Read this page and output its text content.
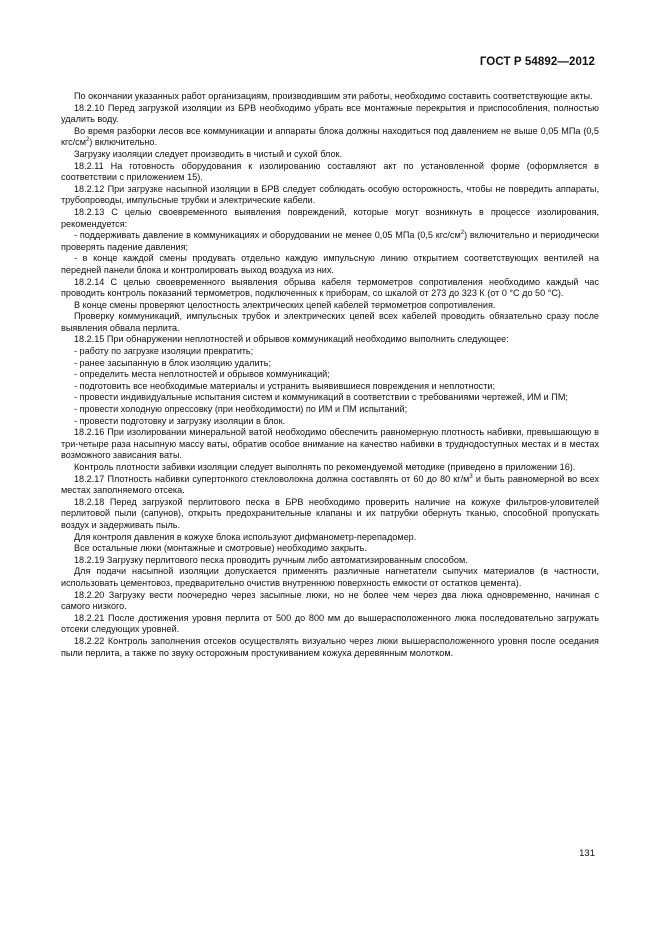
ГОСТ Р 54892—2012

По окончании указанных работ организациям, производившим эти работы, необходимо составить соответствующие акты.

18.2.10 Перед загрузкой изоляции из БРВ необходимо убрать все монтажные перекрытия и приспособления, полностью удалить воду.

Во время разборки лесов все коммуникации и аппараты блока должны находиться под давлением не выше 0,05 МПа (0,5 кгс/$см^2$) включительно.

Загрузку изоляции следует производить в чистый и сухой блок.

18.2.11 На готовность оборудования к изолированию составляют акт по установленной форме (оформляется в соответствии с приложением 15).

18.2.12 При загрузке насыпной изоляции в БРВ следует соблюдать особую осторожность, чтобы не повредить аппараты, трубопроводы, импульсные трубки и электрические кабели.

18.2.13 С целью своевременного выявления повреждений, которые могут возникнуть в процессе изолирования, рекомендуется:

- поддерживать давление в коммуникациях и оборудовании не менее 0,05 МПа (0,5 кгс/$см^2$) включительно и периодически проверять падение давления;

- в конце каждой смены продувать отдельно каждую импульсную линию открытием соответствующих вентилей на передней панели блока и контролировать выход воздуха из них.

18.2.14 С целью своевременного выявления обрыва кабеля термометров сопротивления необходимо каждый час проводить контроль показаний термометров, подключенных к приборам, со шкалой от 273 до 323 К (от 0 °С до 50 °С).

В конце смены проверяют целостность электрических цепей кабелей термометров сопротивления.

Проверку коммуникаций, импульсных трубок и электрических цепей всех кабелей проводить обязательно сразу после выявления обвала перлита.

18.2.15 При обнаружении неплотностей и обрывов коммуникаций необходимо выполнить следующее:

- работу по загрузке изоляции прекратить;

- ранее засыпанную в блок изоляцию удалить;

- определить места неплотностей и обрывов коммуникаций;

- подготовить все необходимые материалы и устранить выявившиеся повреждения и неплотности;

- провести индивидуальные испытания систем и коммуникаций в соответствии с требованиями чертежей, ИМ и ПМ;

- провести холодную опрессовку (при необходимости) по ИМ и ПМ испытаний;

- провести подготовку и загрузку изоляции в блок.

18.2.16 При изолировании минеральной ватой необходимо обеспечить равномерную плотность набивки, превышающую в три-четыре раза насыпную массу ваты, обратив особое внимание на качество набивки в труднодоступных местах и в местах возможного зависания ваты.

Контроль плотности забивки изоляции следует выполнять по рекомендуемой методике (приведено в приложении 16).

18.2.17 Плотность набивки супертонкого стекловолокна должна составлять от 60 до 80 $кг/м^3$ и быть равномерной во всех местах заполняемого отсека.

18.2.18 Перед загрузкой перлитового песка в БРВ необходимо проверить наличие на кожухе фильтров-уловителей перлитовой пыли (сапунов), открыть предохранительные клапаны и их патрубки обернуть тканью, способной пропускать воздух и задерживать пыль.

Для контроля давления в кожухе блока используют дифманометр-перепадомер.

Все остальные люки (монтажные и смотровые) необходимо закрыть.

18.2.19 Загрузку перлитового песка проводить ручным либо автоматизированным способом.

Для подачи насыпной изоляции допускается применять различные нагнетатели сыпучих материалов (в частности, использовать цементовоз, предварительно очистив внутреннюю поверхность емкости от остатков цемента).

18.2.20 Загрузку вести поочередно через засыпные люки, но не более чем через два люка одновременно, начиная с самого низкого.

18.2.21 После достижения уровня перлита от 500 до 800 мм до вышерасположенного люка последовательно загружать отсеки следующих уровней.

18.2.22 Контроль заполнения отсеков осуществлять визуально через люки вышерасположенного уровня после оседания пыли перлита, а также по звуку осторожным простукиванием кожуха деревянным молотком.

131
